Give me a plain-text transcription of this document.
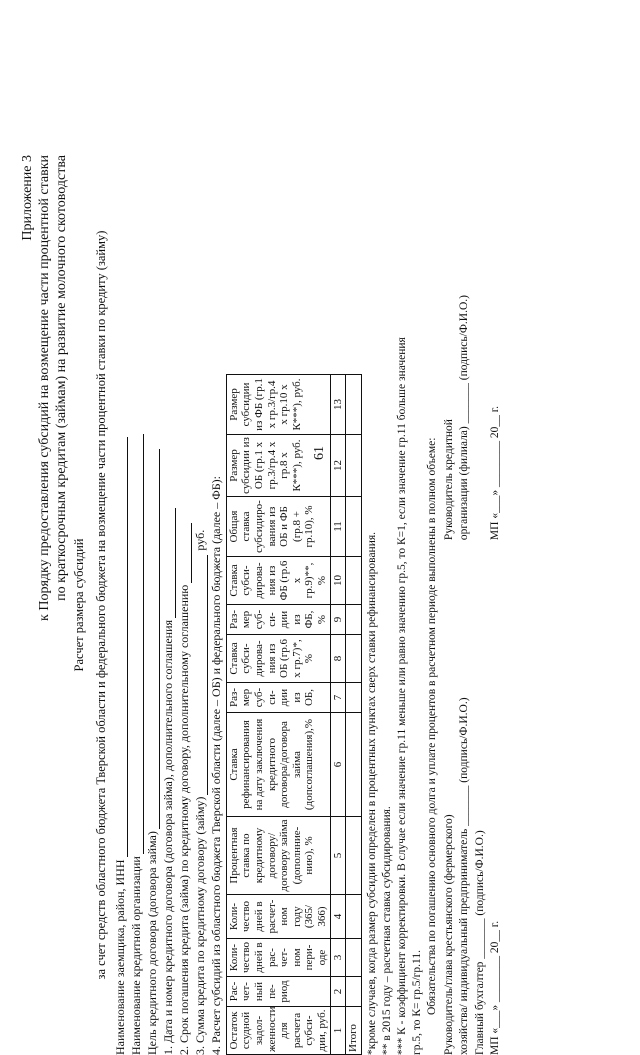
61
Приложение 3 к Порядку предоставления субсидий на возмещение части процентной ставки по краткосрочным кредитам (займам) на развитие молочного скотоводства
Расчет размера субсидий за счет средств областного бюджета Тверской области и федерального бюджета на возмещение части процентной ставки по кредиту (займу) Наименование заемщика, район, ИНН Наименование кредитной организации Цель кредитного договора (договора займа) 1. Дата и номер кредитного договора (договора займа), дополнительного соглашения 2. Срок погашения кредита (займа) по кредитному договору, дополнительному соглашению 3. Сумма кредита по кредитному договору (займу)
руб. 4. Расчет субсидий из областного бюджета Тверской области (далее – ОБ) и федерального бюджета (далее – ФБ): Остаток ссудной задол-женности для расчета субси-дии, руб.	Рас-чет-ный пе-риод	Коли-чество дней в рас-чет-ном пери-оде	Коли-чество дней в расчет-ном году (365/ 366)	Процентная ставка по кредитному договору/ договору займа (дополнние-нию), %	Ставка рефинансирования на дату заключения кредитного договора/договора займа (допсоглашения),%	Раз-мер суб-си-дии из ОБ,	Ставка субси-дирова-ния из ОБ (гр.6 х гр.7)*, %	Раз-мер суб-си-дии из ФБ, %	Ставка субси-дирова-ния из ФБ (гр.6 х гр.9)**, %	Общая ставка субсидиро-вания из ОБ и ФБ (гр.8 + гр.10), %	Размер субсидии из ОБ (гр.1 х гр.3/гр.4 х гр.8 х К***), руб.	Размер субсидии из ФБ (гр.1 х гр.3/гр.4 х гр.10 х К***), руб.
1	2	3	4	5	6	7	8	9	10	11	12	13
Итого												*кроме случаев, когда размер субсидии определен в процентных пунктах сверх ставки рефинансирования. ** в 2015 году – расчетная ставка субсидирования. *** К - коэффициент корректировки. В случае если значение гр.11 меньше или равно значению гр.5, то К=1, если значение гр.11 больше значения гр.5, то К= гр.5/гр.11. Обязательства по погашению основного долга и уплате процентов в расчетном периоде выполнены в полном объеме: Руководитель/глава крестьянского (фермерского) хозяйства/ индивидуальный предприниматель _______ (подпись/Ф.И.О.) Главный бухгалтер _______ (подпись/Ф.И.О.) МП «___» ________ 20__ г.
Руководитель кредитной организации (филиала) _______ (подпись/Ф.И.О.)
МП «___» ________ 20__ г.
